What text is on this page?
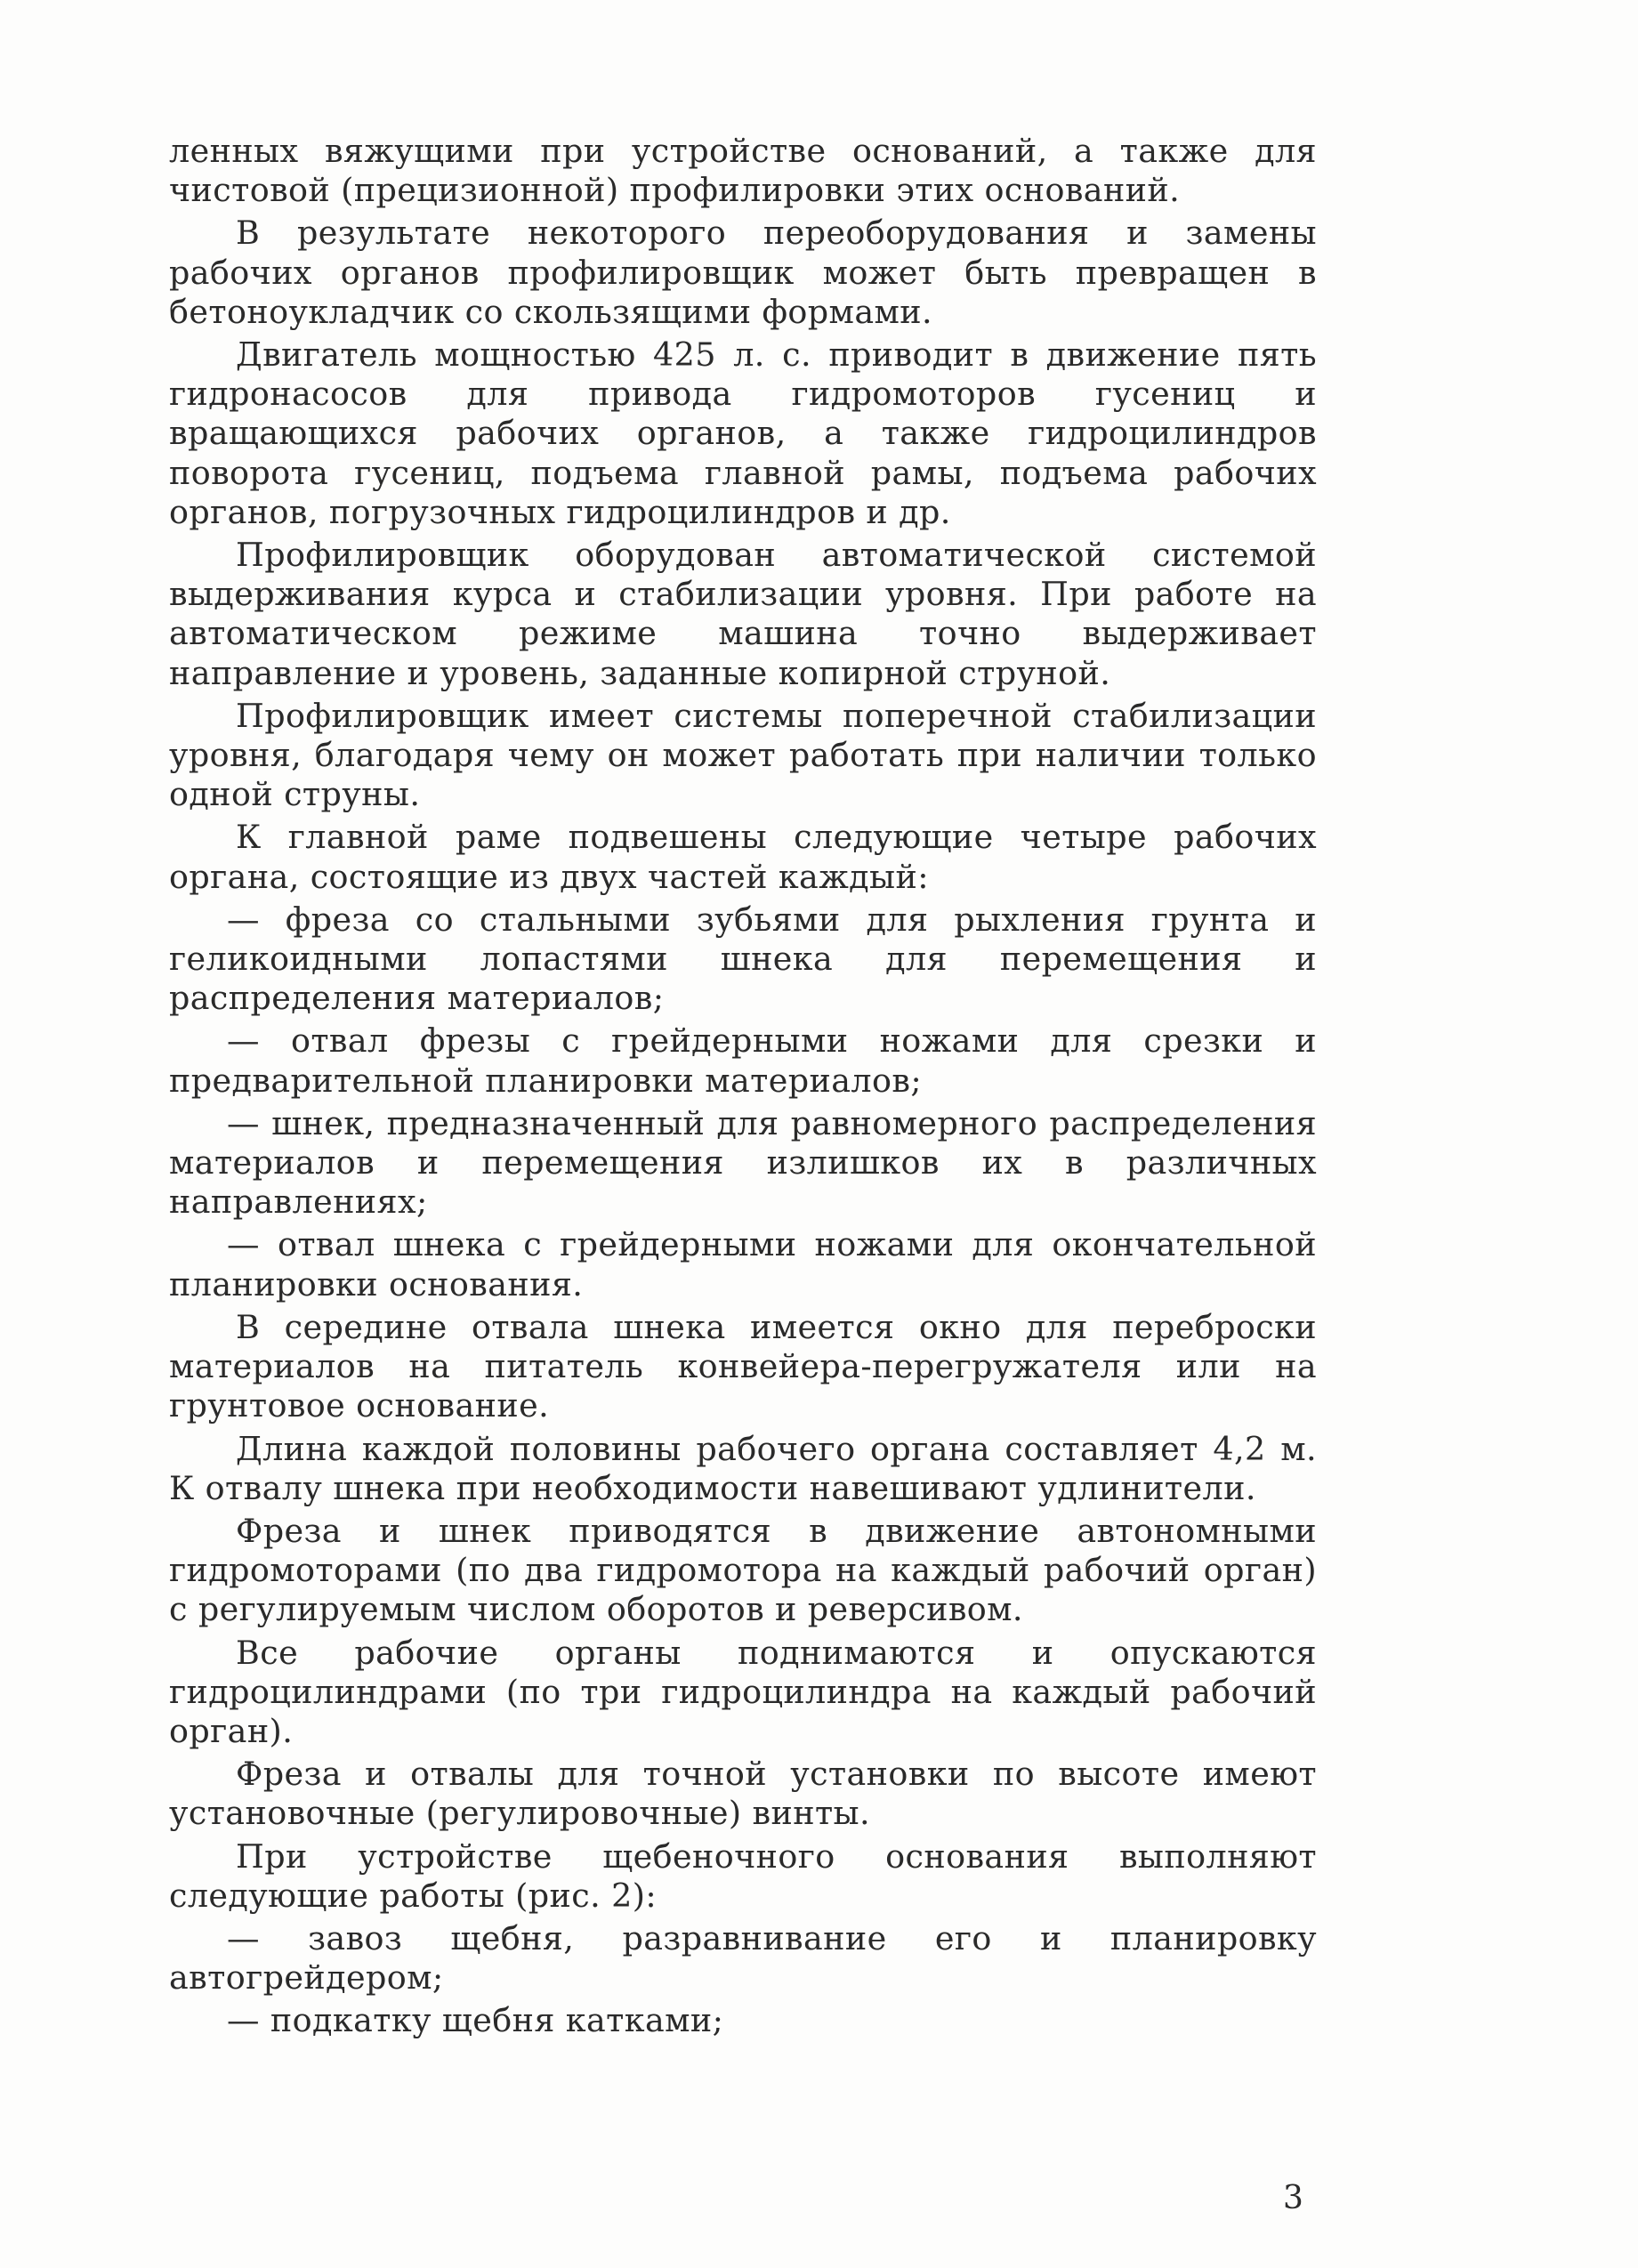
ленных вяжущими при устройстве оснований, а также для чистовой (прецизионной) профилировки этих оснований.

В результате некоторого переоборудования и замены рабочих органов профилировщик может быть превращен в бетоноукладчик со скользящими формами.

Двигатель мощностью 425 л. с. приводит в движение пять гидронасосов для привода гидромоторов гусениц и вращающихся рабочих органов, а также гидроцилиндров поворота гусениц, подъема главной рамы, подъема рабочих органов, погрузочных гидроцилиндров и др.

Профилировщик оборудован автоматической системой выдерживания курса и стабилизации уровня. При работе на автоматическом режиме машина точно выдерживает направление и уровень, заданные копирной струной.

Профилировщик имеет системы поперечной стабилизации уровня, благодаря чему он может работать при наличии только одной струны.

К главной раме подвешены следующие четыре рабочих органа, состоящие из двух частей каждый:

— фреза со стальными зубьями для рыхления грунта и геликоидными лопастями шнека для перемещения и распределения материалов;

— отвал фрезы с грейдерными ножами для срезки и предварительной планировки материалов;

— шнек, предназначенный для равномерного распределения материалов и перемещения излишков их в различных направлениях;

— отвал шнека с грейдерными ножами для окончательной планировки основания.

В середине отвала шнека имеется окно для переброски материалов на питатель конвейера-перегружателя или на грунтовое основание.

Длина каждой половины рабочего органа составляет 4,2 м. К отвалу шнека при необходимости навешивают удлинители.

Фреза и шнек приводятся в движение автономными гидромоторами (по два гидромотора на каждый рабочий орган) с регулируемым числом оборотов и реверсивом.

Все рабочие органы поднимаются и опускаются гидроцилиндрами (по три гидроцилиндра на каждый рабочий орган).

Фреза и отвалы для точной установки по высоте имеют установочные (регулировочные) винты.

При устройстве щебеночного основания выполняют следующие работы (рис. 2):

— завоз щебня, разравнивание его и планировку автогрейдером;

— подкатку щебня катками;

3
